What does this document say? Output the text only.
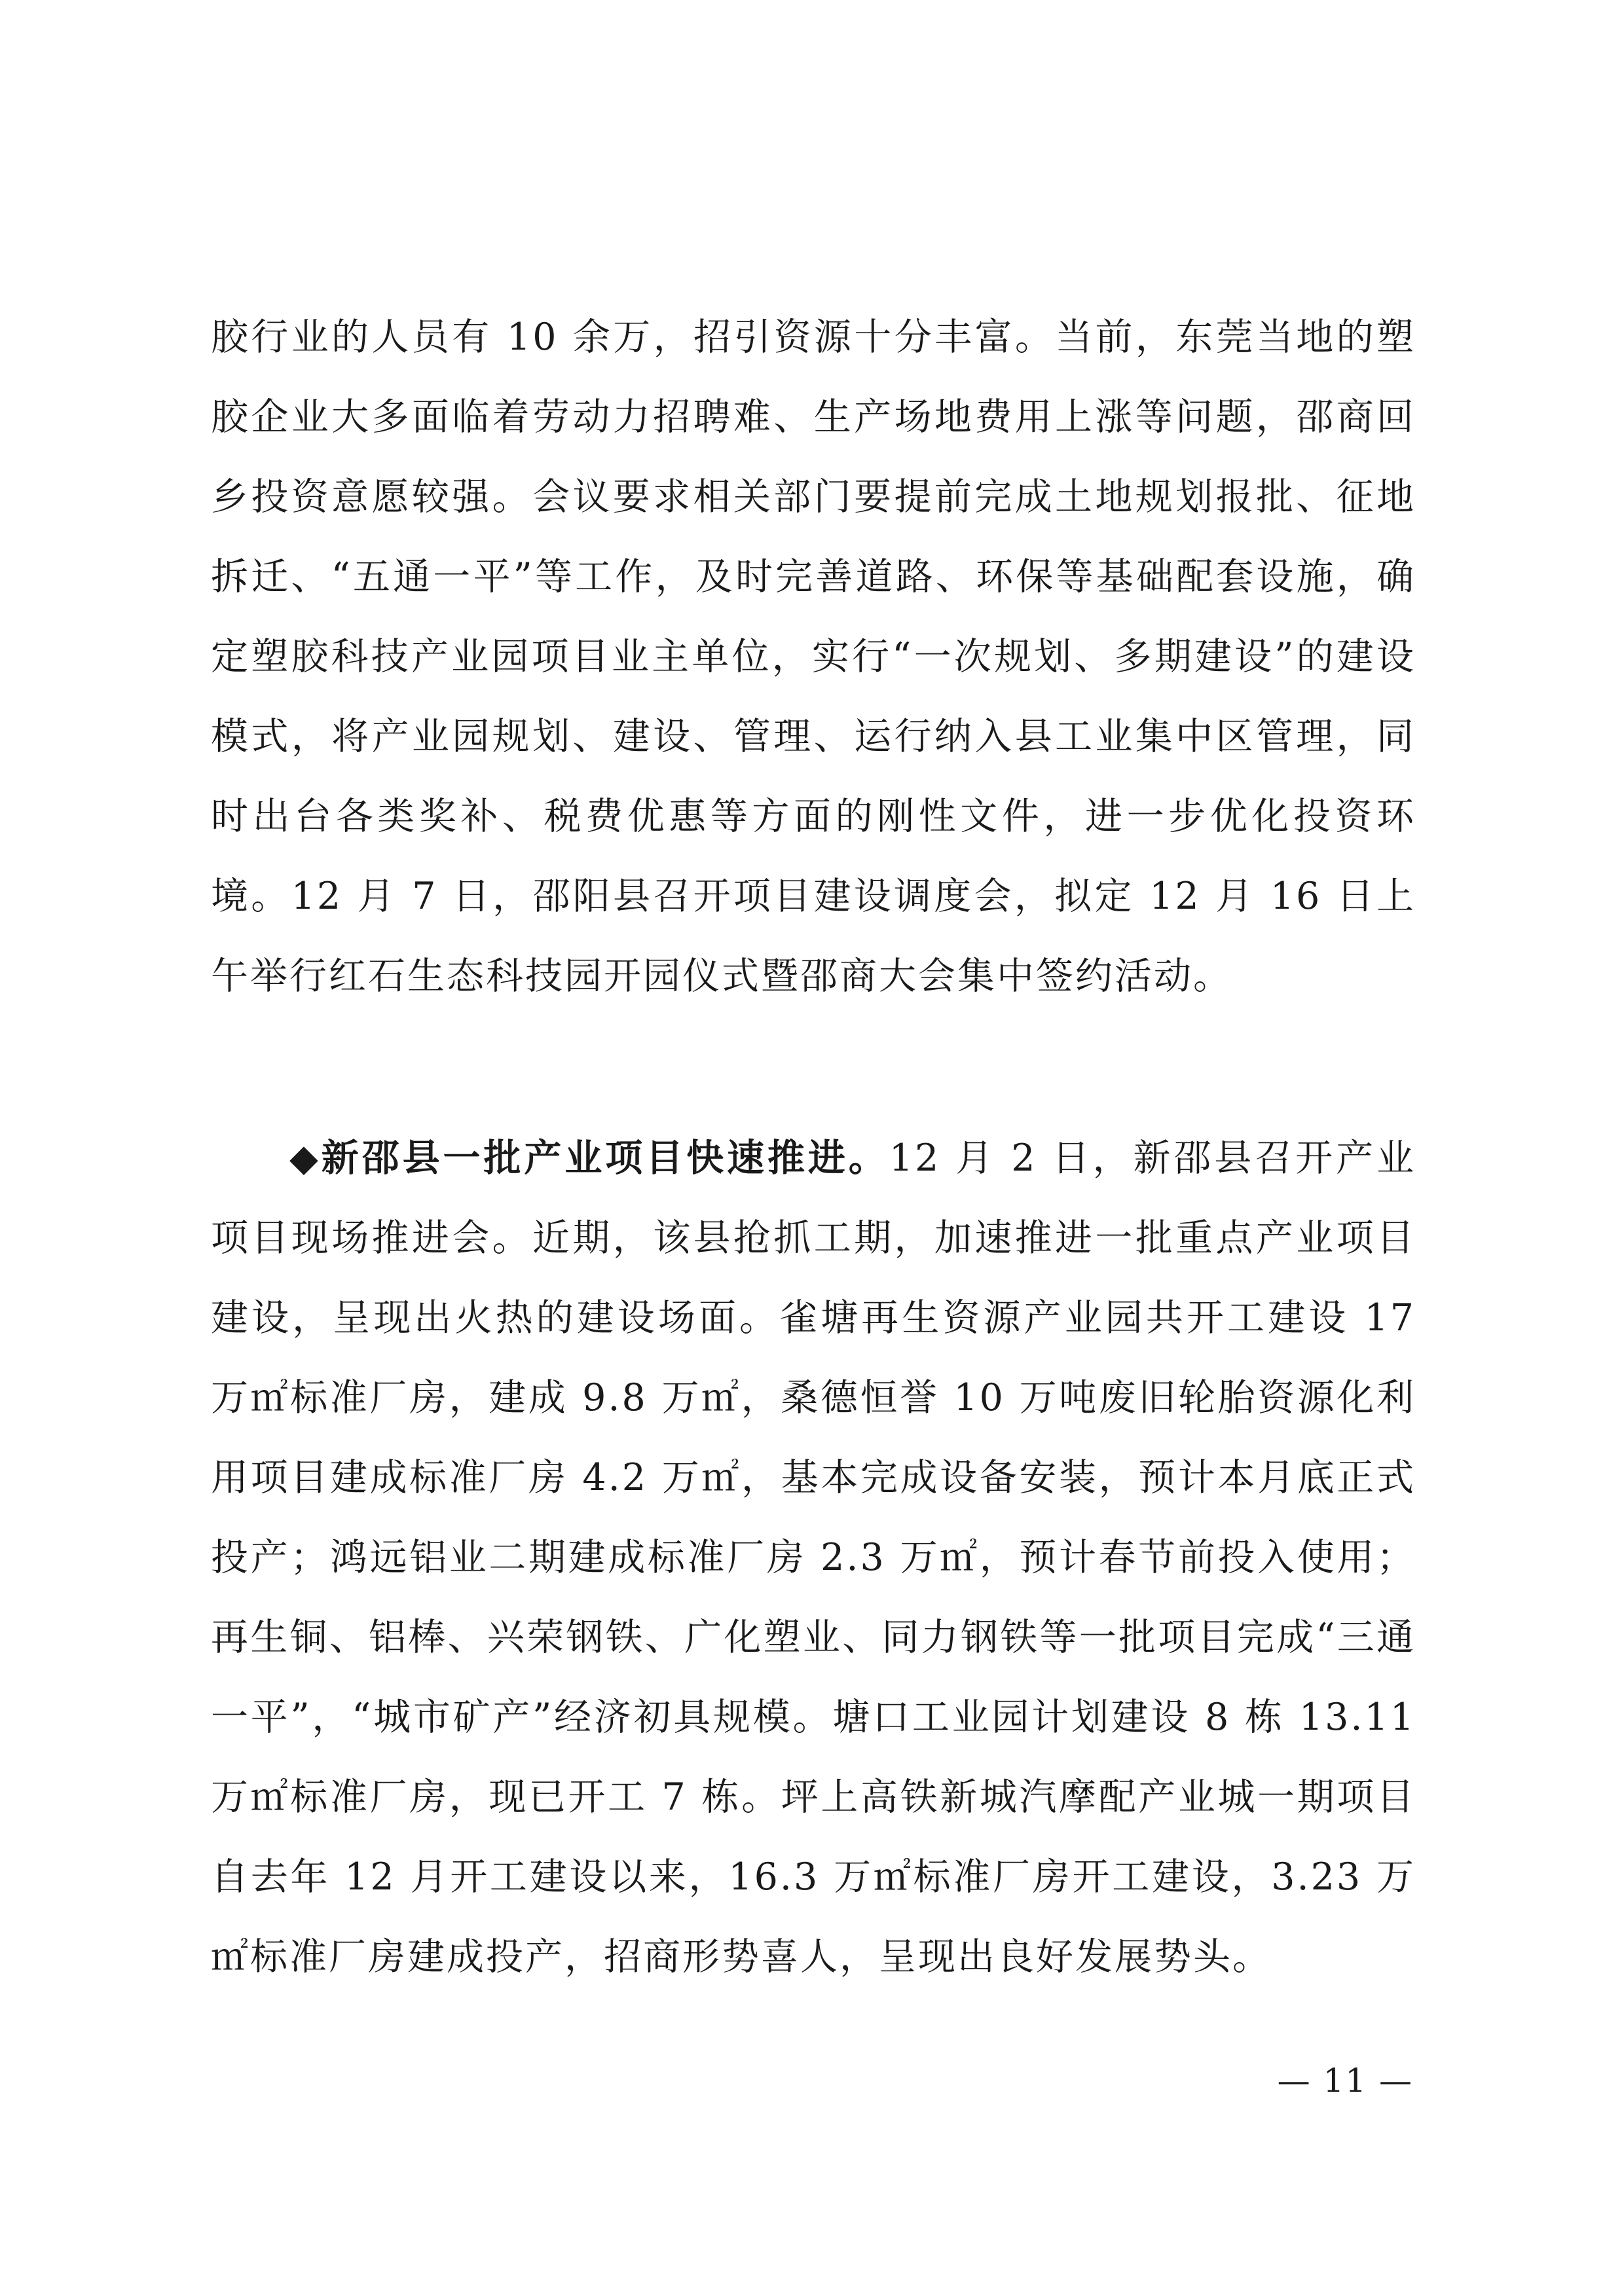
胶行业的人员有 10 余万，招引资源十分丰富。当前，东莞当地的塑胶企业大多面临着劳动力招聘难、生产场地费用上涨等问题，邵商回乡投资意愿较强。会议要求相关部门要提前完成土地规划报批、征地拆迁、“五通一平”等工作，及时完善道路、环保等基础配套设施，确定塑胶科技产业园项目业主单位，实行“一次规划、多期建设”的建设模式，将产业园规划、建设、管理、运行纳入县工业集中区管理，同时出台各类奖补、税费优惠等方面的刚性文件，进一步优化投资环境。12 月 7 日，邵阳县召开项目建设调度会，拟定 12 月 16 日上午举行红石生态科技园开园仪式暨邵商大会集中签约活动。

◆新邵县一批产业项目快速推进。12 月 2 日，新邵县召开产业项目现场推进会。近期，该县抢抓工期，加速推进一批重点产业项目建设，呈现出火热的建设场面。雀塘再生资源产业园共开工建设 17 万㎡标准厂房，建成 9.8 万㎡，桑德恒誉 10 万吨废旧轮胎资源化利用项目建成标准厂房 4.2 万㎡，基本完成设备安装，预计本月底正式投产；鸿远铝业二期建成标准厂房 2.3 万㎡，预计春节前投入使用；再生铜、铝棒、兴荣钢铁、广化塑业、同力钢铁等一批项目完成“三通一平”，“城市矿产”经济初具规模。塘口工业园计划建设 8 栋 13.11 万㎡标准厂房，现已开工 7 栋。坪上高铁新城汽摩配产业城一期项目自去年 12 月开工建设以来，16.3 万㎡标准厂房开工建设，3.23 万㎡标准厂房建成投产，招商形势喜人，呈现出良好发展势头。

— 11 —
